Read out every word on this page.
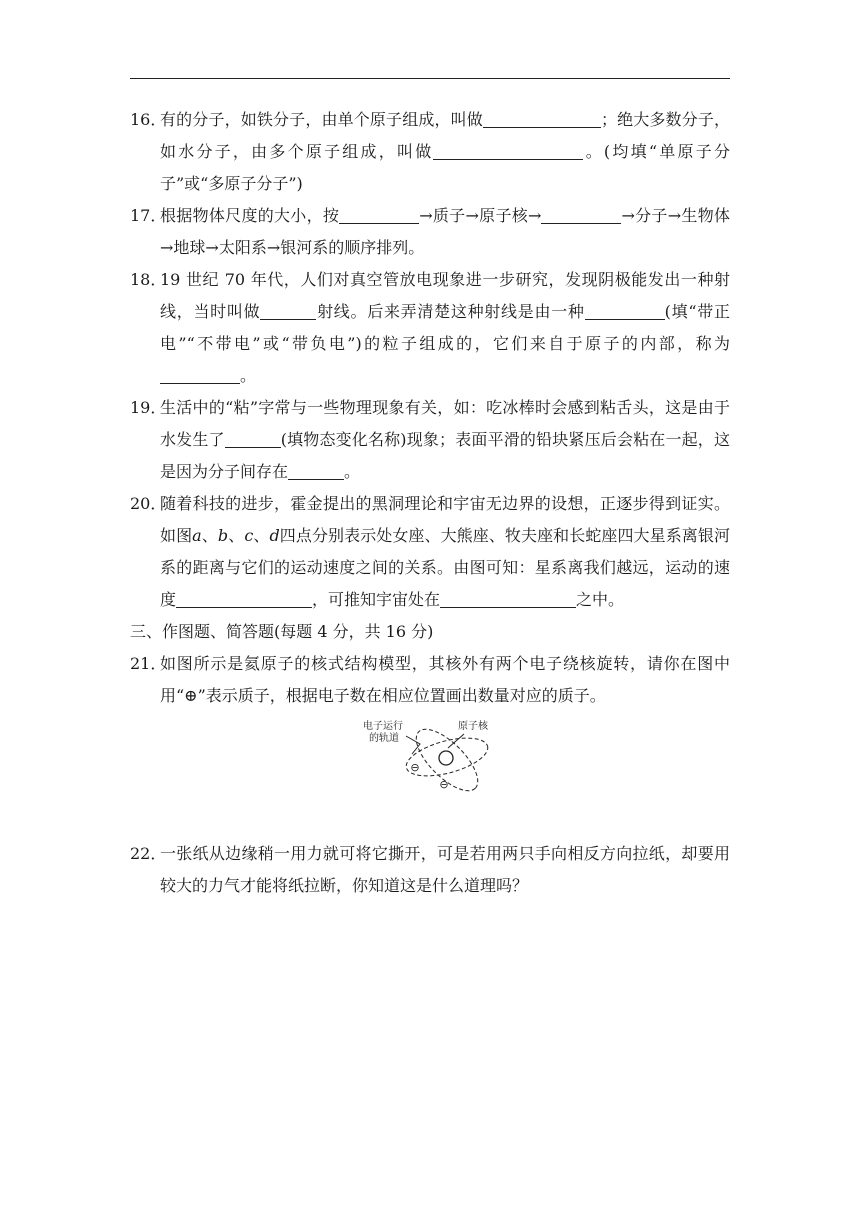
16．
有的分子，如铁分子，由单个原子组成，叫做	；绝大多数分子，如水分子，由多个原子组成，叫做	。(均填“单原子分子”或“多原子分子”)
17．
根据物体尺度的大小，按	→质子→原子核→	→分子→生物体→地球→太阳系→银河系的顺序排列。
18．
19 世纪 70 年代，人们对真空管放电现象进一步研究，发现阴极能发出一种射线，当时叫做	射线。后来弄清楚这种射线是由一种	(填“带正电”“不带电”或“带负电”)的粒子组成的，它们来自于原子的内部，称为。
19．
生活中的“粘”字常与一些物理现象有关，如：吃冰棒时会感到粘舌头，这是由于水发生了	(填物态变化名称)现象；表面平滑的铅块紧压后会粘在一起，这是因为分子间存在	。
20．
随着科技的进步，霍金提出的黑洞理论和宇宙无边界的设想，正逐步得到证实。如图a、b、c、d四点分别表示处女座、大熊座、牧夫座和长蛇座四大星系离银河系的距离与它们的运动速度之间的关系。由图可知：星系离我们越远，运动的速度	，可推知宇宙处在	之中。
三、作图题、简答题(每题 4 分，共 16 分)
21．
如图所示是氦原子的核式结构模型，其核外有两个电子绕核旋转，请你在图中用“⊕”表示质子，根据电子数在相应位置画出数量对应的质子。
电子运行
的轨道
原子核
⊖
⊖
22．
一张纸从边缘稍一用力就可将它撕开，可是若用两只手向相反方向拉纸，却要用较大的力气才能将纸拉断，你知道这是什么道理吗？
